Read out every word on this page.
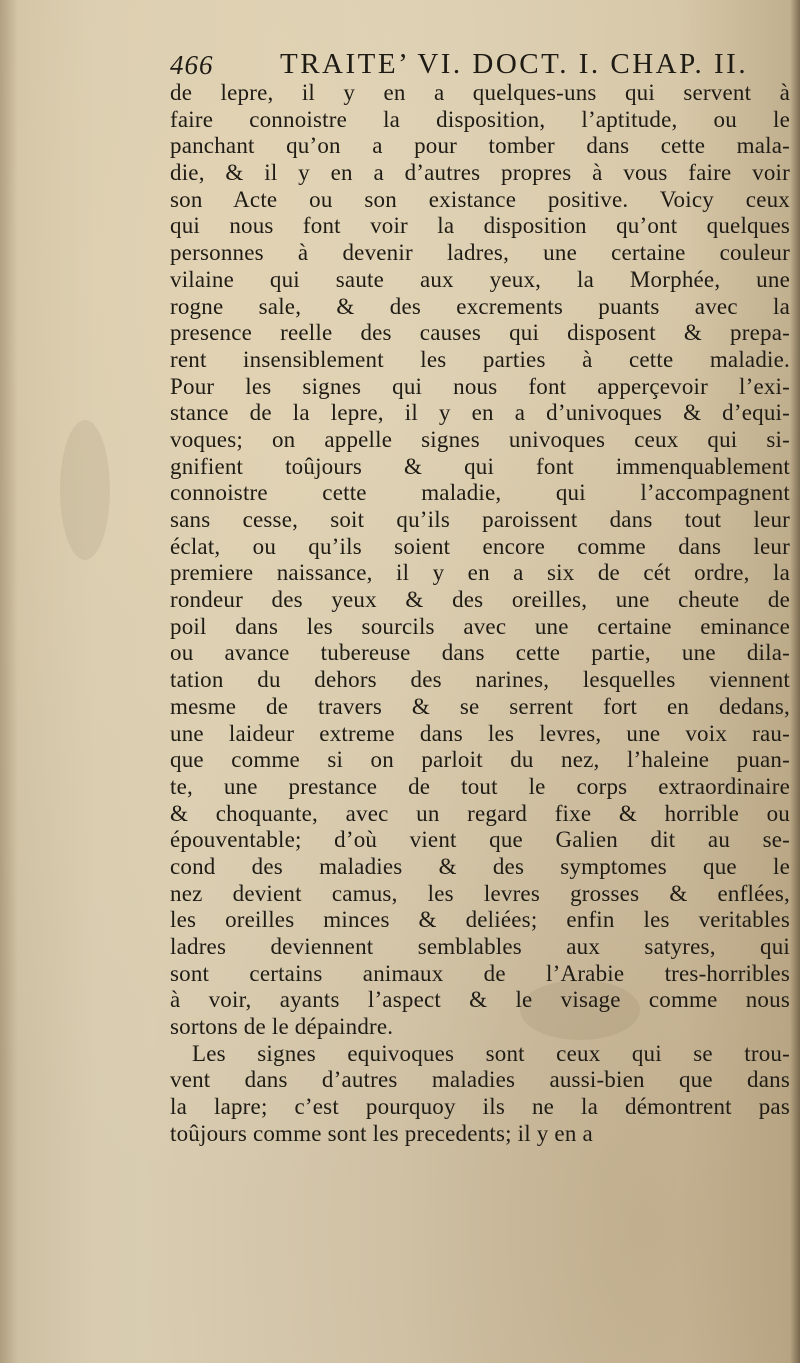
466 TRAITE’ VI. DOCT. I. CHAP. II.
de lepre, il y en a quelques-uns qui servent à
faire connoistre la disposition, l’aptitude, ou le
panchant qu’on a pour tomber dans cette mala-
die, & il y en a d’autres propres à vous faire voir
son Acte ou son existance positive. Voicy ceux
qui nous font voir la disposition qu’ont quelques
personnes à devenir ladres, une certaine couleur
vilaine qui saute aux yeux, la Morphée, une
rogne sale, & des excrements puants avec la
presence reelle des causes qui disposent & prepa-
rent insensiblement les parties à cette maladie.
Pour les signes qui nous font apperçevoir l’exi-
stance de la lepre, il y en a d’univoques & d’equi-
voques; on appelle signes univoques ceux qui si-
gnifient toûjours & qui font immenquablement
connoistre cette maladie, qui l’accompagnent
sans cesse, soit qu’ils paroissent dans tout leur
éclat, ou qu’ils soient encore comme dans leur
premiere naissance, il y en a six de cét ordre, la
rondeur des yeux & des oreilles, une cheute de
poil dans les sourcils avec une certaine eminance
ou avance tubereuse dans cette partie, une dila-
tation du dehors des narines, lesquelles viennent
mesme de travers & se serrent fort en dedans,
une laideur extreme dans les levres, une voix rau-
que comme si on parloit du nez, l’haleine puan-
te, une prestance de tout le corps extraordinaire
& choquante, avec un regard fixe & horrible ou
épouventable; d’où vient que Galien dit au se-
cond des maladies & des symptomes que le
nez devient camus, les levres grosses & enflées,
les oreilles minces & deliées; enfin les veritables
ladres deviennent semblables aux satyres, qui
sont certains animaux de l’Arabie tres-horribles
à voir, ayants l’aspect & le visage comme nous
sortons de le dépaindre.
Les signes equivoques sont ceux qui se trou-
vent dans d’autres maladies aussi-bien que dans
la lapre; c’est pourquoy ils ne la démontrent pas
toûjours comme sont les precedents; il y en a
